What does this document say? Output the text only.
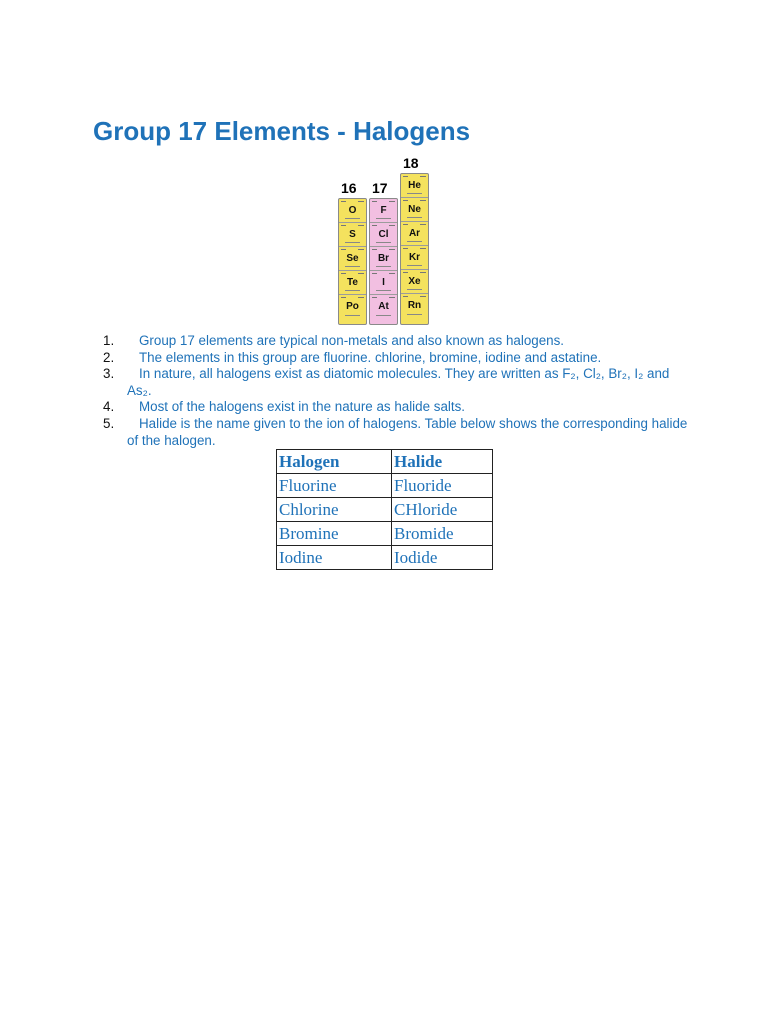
Group 17 Elements - Halogens
16 17
18
O
S
Se
Te
Po
F
Cl
Br
I
At
He
Ne
Ar
Kr
Xe
Rn
1. Group 17 elements are typical non-metals and also known as halogens.
2. The elements in this group are fluorine. chlorine, bromine, iodine and astatine.
3. In nature, all halogens exist as diatomic molecules. They are written as F₂, Cl₂, Br₂, I₂ and As₂.
4. Most of the halogens exist in the nature as halide salts.
5. Halide is the name given to the ion of halogens. Table below shows the corresponding halide of the halogen.
Halogen	Halide
Fluorine	Fluoride
Chlorine	CHloride
Bromine	Bromide
Iodine	Iodide
